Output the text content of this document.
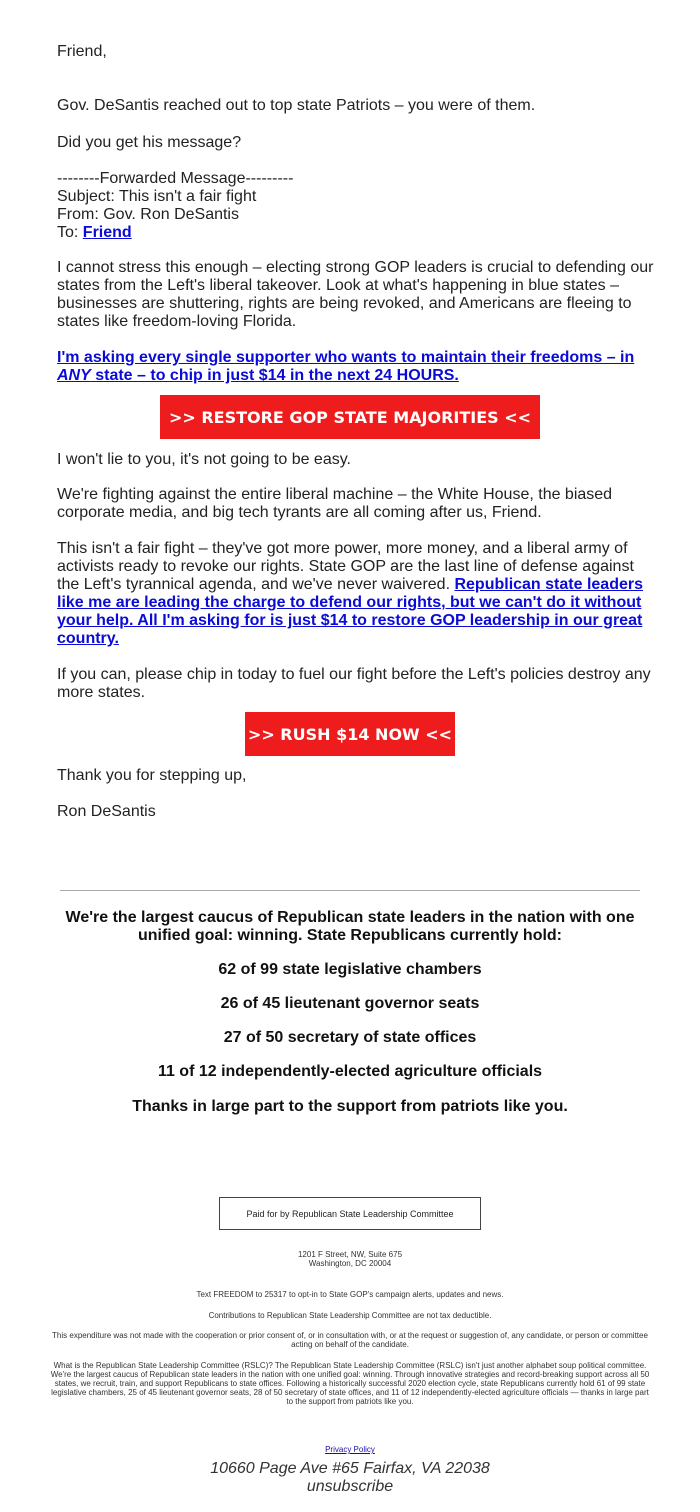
Friend,

Gov. DeSantis reached out to top state Patriots – you were of them.

Did you get his message?

--------Forwarded Message---------
Subject: This isn't a fair fight
From: Gov. Ron DeSantis
To: Friend

I cannot stress this enough – electing strong GOP leaders is crucial to defending our states from the Left's liberal takeover. Look at what's happening in blue states – businesses are shuttering, rights are being revoked, and Americans are fleeing to states like freedom-loving Florida.

I'm asking every single supporter who wants to maintain their freedoms – in ANY state – to chip in just $14 in the next 24 HOURS.

>> RESTORE GOP STATE MAJORITIES <<

I won't lie to you, it's not going to be easy.

We're fighting against the entire liberal machine – the White House, the biased corporate media, and big tech tyrants are all coming after us, Friend.

This isn't a fair fight – they've got more power, more money, and a liberal army of activists ready to revoke our rights. State GOP are the last line of defense against the Left's tyrannical agenda, and we've never waivered. Republican state leaders like me are leading the charge to defend our rights, but we can't do it without your help. All I'm asking for is just $14 to restore GOP leadership in our great country.

If you can, please chip in today to fuel our fight before the Left's policies destroy any more states.

>> RUSH $14 NOW <<

Thank you for stepping up,

Ron DeSantis

We're the largest caucus of Republican state leaders in the nation with one unified goal: winning. State Republicans currently hold:

62 of 99 state legislative chambers

26 of 45 lieutenant governor seats

27 of 50 secretary of state offices

11 of 12 independently-elected agriculture officials

Thanks in large part to the support from patriots like you.

Paid for by Republican State Leadership Committee
1201 F Street, NW, Suite 675
Washington, DC 20004

Text FREEDOM to 25317 to opt-in to State GOP's campaign alerts, updates and news.

Contributions to Republican State Leadership Committee are not tax deductible.

This expenditure was not made with the cooperation or prior consent of, or in consultation with, or at the request or suggestion of, any candidate, or person or committee acting on behalf of the candidate.

What is the Republican State Leadership Committee (RSLC)? The Republican State Leadership Committee (RSLC) isn't just another alphabet soup political committee. We're the largest caucus of Republican state leaders in the nation with one unified goal: winning. Through innovative strategies and record-breaking support across all 50 states, we recruit, train, and support Republicans to state offices. Following a historically successful 2020 election cycle, state Republicans currently hold 61 of 99 state legislative chambers, 25 of 45 lieutenant governor seats, 28 of 50 secretary of state offices, and 11 of 12 independently-elected agriculture officials — thanks in large part to the support from patriots like you.

Privacy Policy

10660 Page Ave #65 Fairfax, VA 22038

unsubscribe
